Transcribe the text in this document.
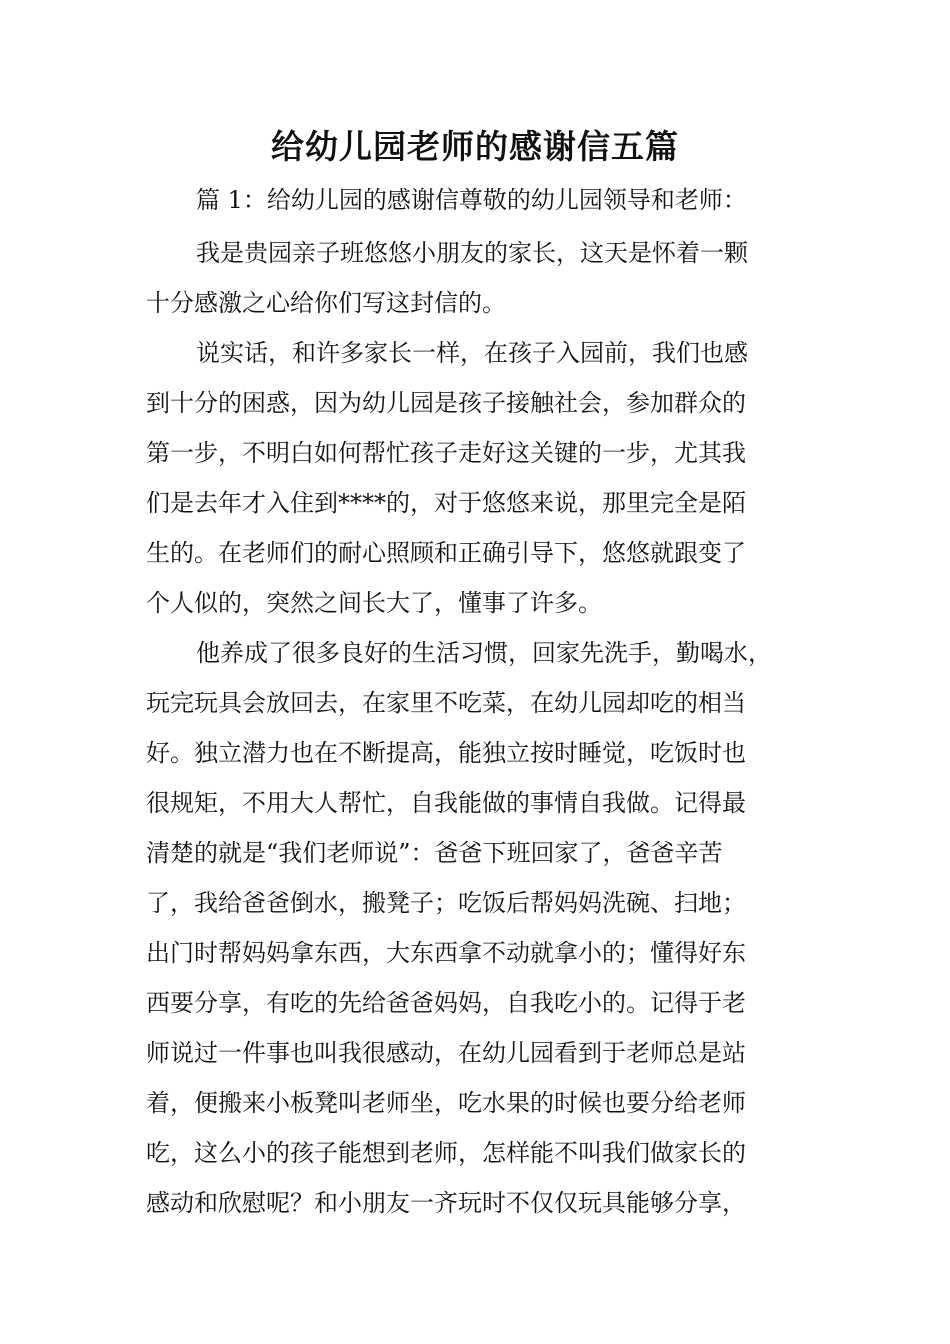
给幼儿园老师的感谢信五篇
篇 1：给幼儿园的感谢信尊敬的幼儿园领导和老师：

我是贵园亲子班悠悠小朋友的家长，这天是怀着一颗
十分感激之心给你们写这封信的。

说实话，和许多家长一样，在孩子入园前，我们也感
到十分的困惑，因为幼儿园是孩子接触社会，参加群众的
第一步，不明白如何帮忙孩子走好这关键的一步，尤其我
们是去年才入住到****的，对于悠悠来说，那里完全是陌
生的。在老师们的耐心照顾和正确引导下，悠悠就跟变了
个人似的，突然之间长大了，懂事了许多。

他养成了很多良好的生活习惯，回家先洗手，勤喝水，
玩完玩具会放回去，在家里不吃菜，在幼儿园却吃的相当
好。独立潜力也在不断提高，能独立按时睡觉，吃饭时也
很规矩，不用大人帮忙，自我能做的事情自我做。记得最
清楚的就是“我们老师说”：爸爸下班回家了，爸爸辛苦
了，我给爸爸倒水，搬凳子；吃饭后帮妈妈洗碗、扫地；
出门时帮妈妈拿东西，大东西拿不动就拿小的；懂得好东
西要分享，有吃的先给爸爸妈妈，自我吃小的。记得于老
师说过一件事也叫我很感动，在幼儿园看到于老师总是站
着，便搬来小板凳叫老师坐，吃水果的时候也要分给老师
吃，这么小的孩子能想到老师，怎样能不叫我们做家长的
感动和欣慰呢？和小朋友一齐玩时不仅仅玩具能够分享，
